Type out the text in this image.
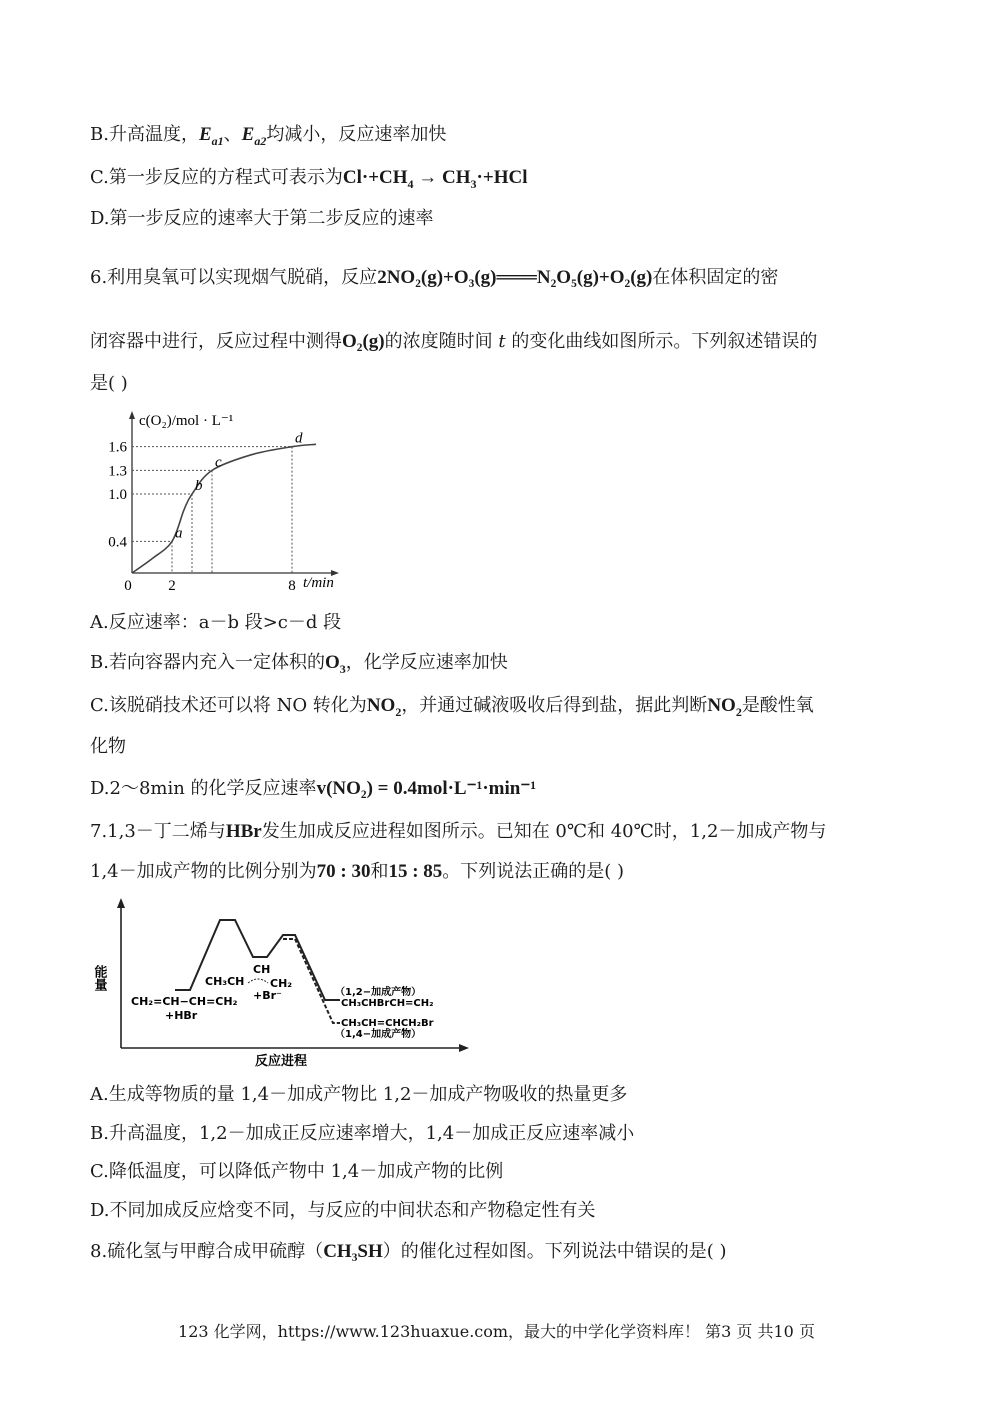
B.升高温度，$E_{a1}$、$E_{a2}$均减小，反应速率加快
C.第一步反应的方程式可表示为$Cl\cdot+CH_4 \to CH_3\cdot+HCl$
D.第一步反应的速率大于第二步反应的速率
6.利用臭氧可以实现烟气脱硝，反应2NO₂(g)+O₃(g)═══N₂O₅(g)+O₂(g)在体积固定的密
闭容器中进行，反应过程中测得O₂(g)的浓度随时间 t 的变化曲线如图所示。下列叙述错误的
是( )
c(O₂)/mol · L⁻¹
t/min
1.6
1.3
1.0
0.4
0 2	8
a
b
c
d
A.反应速率：a－b 段>c－d 段
B.若向容器内充入一定体积的$O_3$，化学反应速率加快
C.该脱硝技术还可以将 NO 转化为$NO_2$，并通过碱液吸收后得到盐，据此判断$NO_2$是酸性氧
化物
D.2～8min 的化学反应速率v(NO₂) = 0.4mol·L⁻¹·min⁻¹
7.1,3－丁二烯与HBr发生加成反应进程如图所示。已知在 0℃和 40℃时，1,2－加成产物与
1,4－加成产物的比例分别为70 : 30和15 : 85。下列说法正确的是( )
能量
反应进程
CH₂=CH−CH=CH₂
+HBr
CH₃CH
CH
CH₂
+Br⁻	（1,2−加成产物）
CH₃CHBrCH=CH₂
CH₃CH=CHCH₂Br
（1,4−加成产物）
A.生成等物质的量 1,4－加成产物比 1,2－加成产物吸收的热量更多
B.升高温度，1,2－加成正反应速率增大，1,4－加成正反应速率减小
C.降低温度，可以降低产物中 1,4－加成产物的比例
D.不同加成反应焓变不同，与反应的中间状态和产物稳定性有关
8.硫化氢与甲醇合成甲硫醇（CH₃SH）的催化过程如图。下列说法中错误的是( )
123 化学网，https://www.123huaxue.com，最大的中学化学资料库！ 第3 页 共10 页
